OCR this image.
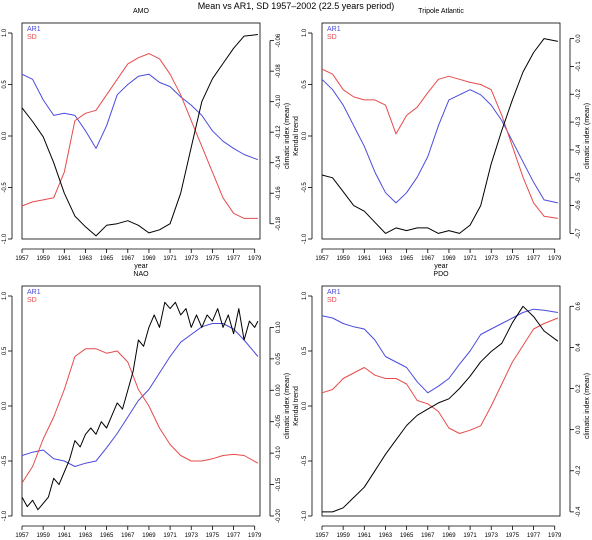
Mean vs AR1, SD 1957–2002 (22.5 years period)
AMO
1957 1959 1961 1963 1965 1967 1969 1971 1973 1975 1977 1979
year
-1.0
-0.5
0.0
0.5
1.0
-0.18
-0.16
-0.14
-0.12
-0.10
-0.08
-0.06
climatic index (mean)
AR1
SD
Tripole Atlantic
1957 1959 1961 1963 1965 1967 1969 1971 1973 1975 1977 1979
year
-1.0
-0.5
0.0
0.5
1.0
Kendal trend
-0.7
-0.6
-0.5
-0.4
-0.3
-0.2
-0.1
0.0
climatic index (mean)
AR1
SD
NAO
1957 1959 1961 1963 1965 1967 1969 1971 1973 1975 1977 1979
-1.0
-0.5
0.0
0.5
1.0
-0.20
-0.15
-0.10
-0.05
0.00
0.05
0.10
climatic index (mean)
AR1
SD
PDO
1957 1959 1961 1963 1965 1967 1969 1971 1973 1975 1977 1979
-1.0
-0.5
0.0
0.5
1.0
Kendal trend
-0.4
-0.2
0.0
0.2
0.4
0.6
climatic index (mean)
AR1
SD
